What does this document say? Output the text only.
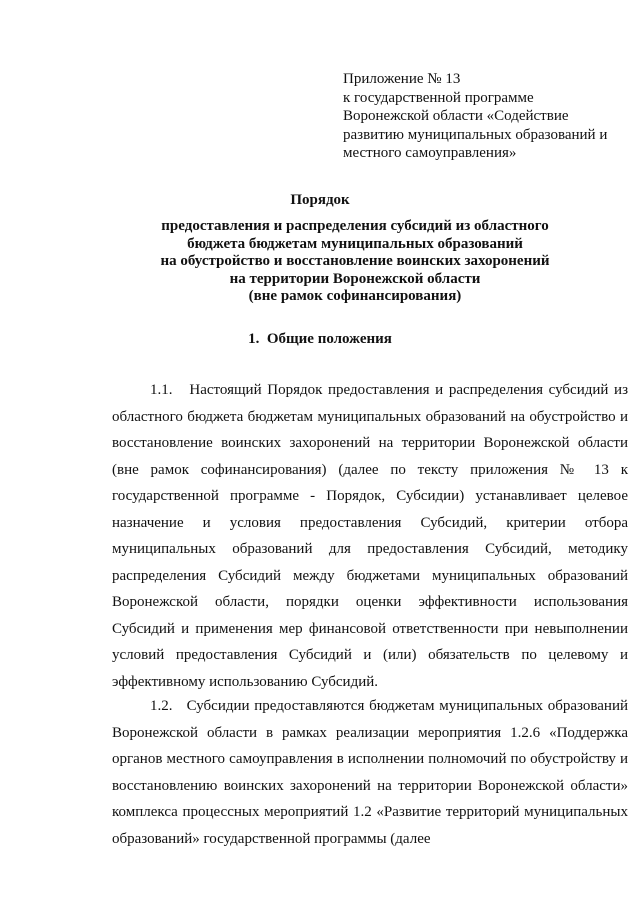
Приложение № 13
к государственной программе
Воронежской области «Содействие
развитию муниципальных образований и
местного самоуправления»
Порядок
предоставления и распределения субсидий из областного
бюджета бюджетам муниципальных образований
на обустройство и восстановление воинских захоронений
на территории Воронежской области
(вне рамок софинансирования)
1. Общие положения
1.1. Настоящий Порядок предоставления и распределения субсидий из областного бюджета бюджетам муниципальных образований на обустройство и восстановление воинских захоронений на территории Воронежской области (вне рамок софинансирования) (далее по тексту приложения № 13 к государственной программе - Порядок, Субсидии) устанавливает целевое назначение и условия предоставления Субсидий, критерии отбора муниципальных образований для предоставления Субсидий, методику распределения Субсидий между бюджетами муниципальных образований Воронежской области, порядки оценки эффективности использования Субсидий и применения мер финансовой ответственности при невыполнении условий предоставления Субсидий и (или) обязательств по целевому и эффективному использованию Субсидий.
1.2. Субсидии предоставляются бюджетам муниципальных образований Воронежской области в рамках реализации мероприятия 1.2.6 «Поддержка органов местного самоуправления в исполнении полномочий по обустройству и восстановлению воинских захоронений на территории Воронежской области» комплекса процессных мероприятий 1.2 «Развитие территорий муниципальных образований» государственной программы (далее
